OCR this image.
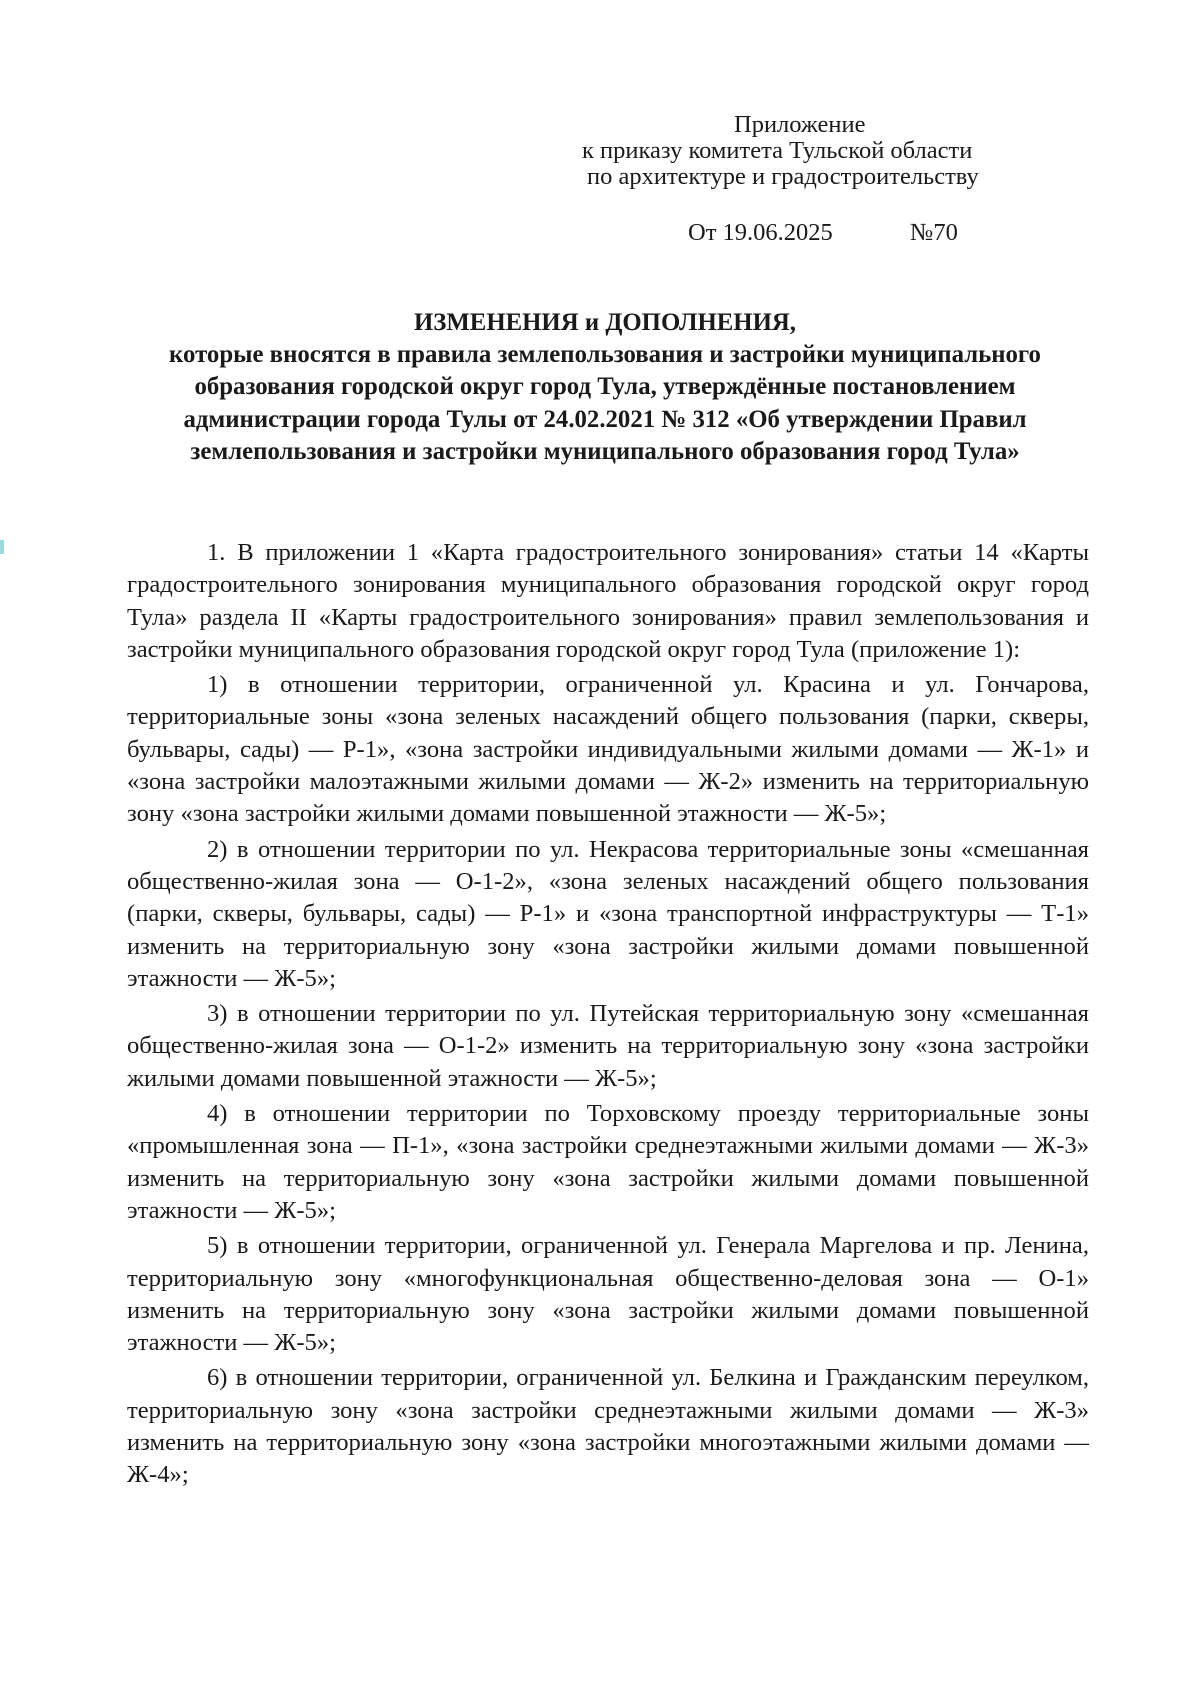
Приложение
к приказу комитета Тульской области
по архитектуре и градостроительству
От 19.06.2025	№70
ИЗМЕНЕНИЯ и ДОПОЛНЕНИЯ,
которые вносятся в правила землепользования и застройки муниципального образования городской округ город Тула, утверждённые постановлением администрации города Тулы от 24.02.2021 № 312 «Об утверждении Правил землепользования и застройки муниципального образования город Тула»

1. В приложении 1 «Карта градостроительного зонирования» статьи 14 «Карты градостроительного зонирования муниципального образования городской округ город Тула» раздела II «Карты градостроительного зонирования» правил землепользования и застройки муниципального образования городской округ город Тула (приложение 1):

1) в отношении территории, ограниченной ул. Красина и ул. Гончарова, территориальные зоны «зона зеленых насаждений общего пользования (парки, скверы, бульвары, сады) — Р-1», «зона застройки индивидуальными жилыми домами — Ж-1» и «зона застройки малоэтажными жилыми домами — Ж-2» изменить на территориальную зону «зона застройки жилыми домами повышенной этажности — Ж-5»;

2) в отношении территории по ул. Некрасова территориальные зоны «смешанная общественно-жилая зона — О-1-2», «зона зеленых насаждений общего пользования (парки, скверы, бульвары, сады) — Р-1» и «зона транспортной инфраструктуры — Т-1» изменить на территориальную зону «зона застройки жилыми домами повышенной этажности — Ж-5»;

3) в отношении территории по ул. Путейская территориальную зону «смешанная общественно-жилая зона — О-1-2» изменить на территориальную зону «зона застройки жилыми домами повышенной этажности — Ж-5»;

4) в отношении территории по Торховскому проезду территориальные зоны «промышленная зона — П-1», «зона застройки среднеэтажными жилыми домами — Ж-3» изменить на территориальную зону «зона застройки жилыми домами повышенной этажности — Ж-5»;

5) в отношении территории, ограниченной ул. Генерала Маргелова и пр. Ленина, территориальную зону «многофункциональная общественно-деловая зона — О-1» изменить на территориальную зону «зона застройки жилыми домами повышенной этажности — Ж-5»;

6) в отношении территории, ограниченной ул. Белкина и Гражданским переулком, территориальную зону «зона застройки среднеэтажными жилыми домами — Ж-3» изменить на территориальную зону «зона застройки многоэтажными жилыми домами — Ж-4»;
